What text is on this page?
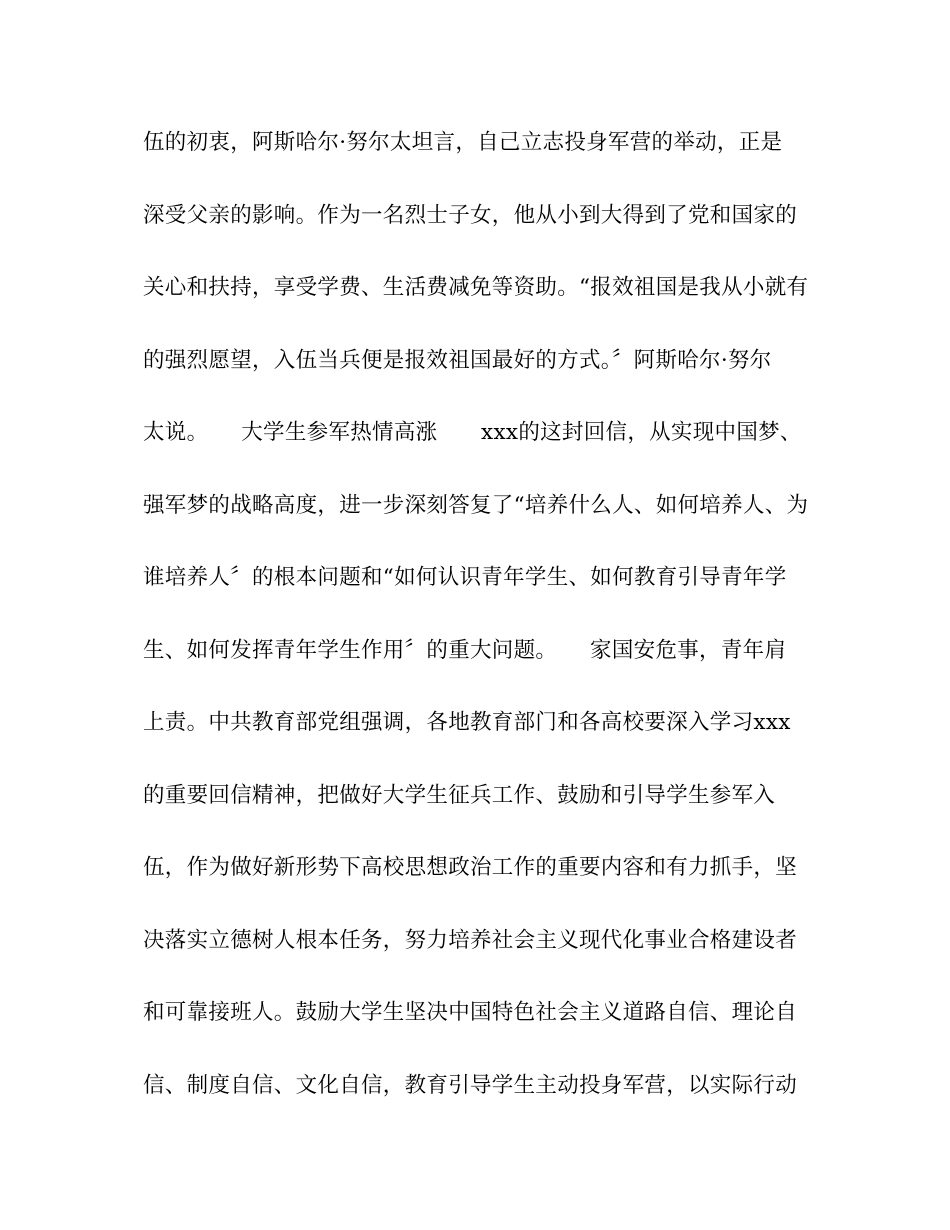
伍的初衷，阿斯哈尔·努尔太坦言，自己立志投身军营的举动，正是
深受父亲的影响。作为一名烈士子女，他从小到大得到了党和国家的
关心和扶持，享受学费、生活费减免等资助。“报效祖国是我从小就有
的强烈愿望，入伍当兵便是报效祖国最好的方式。〞阿斯哈尔·努尔
太说。　　大学生参军热情高涨　　xxx的这封回信，从实现中国梦、
强军梦的战略高度，进一步深刻答复了“培养什么人、如何培养人、为
谁培养人〞的根本问题和“如何认识青年学生、如何教育引导青年学
生、如何发挥青年学生作用〞的重大问题。　　家国安危事，青年肩
上责。中共教育部党组强调，各地教育部门和各高校要深入学习xxx
的重要回信精神，把做好大学生征兵工作、鼓励和引导学生参军入
伍，作为做好新形势下高校思想政治工作的重要内容和有力抓手，坚
决落实立德树人根本任务，努力培养社会主义现代化事业合格建设者
和可靠接班人。鼓励大学生坚决中国特色社会主义道路自信、理论自
信、制度自信、文化自信，教育引导学生主动投身军营，以实际行动
